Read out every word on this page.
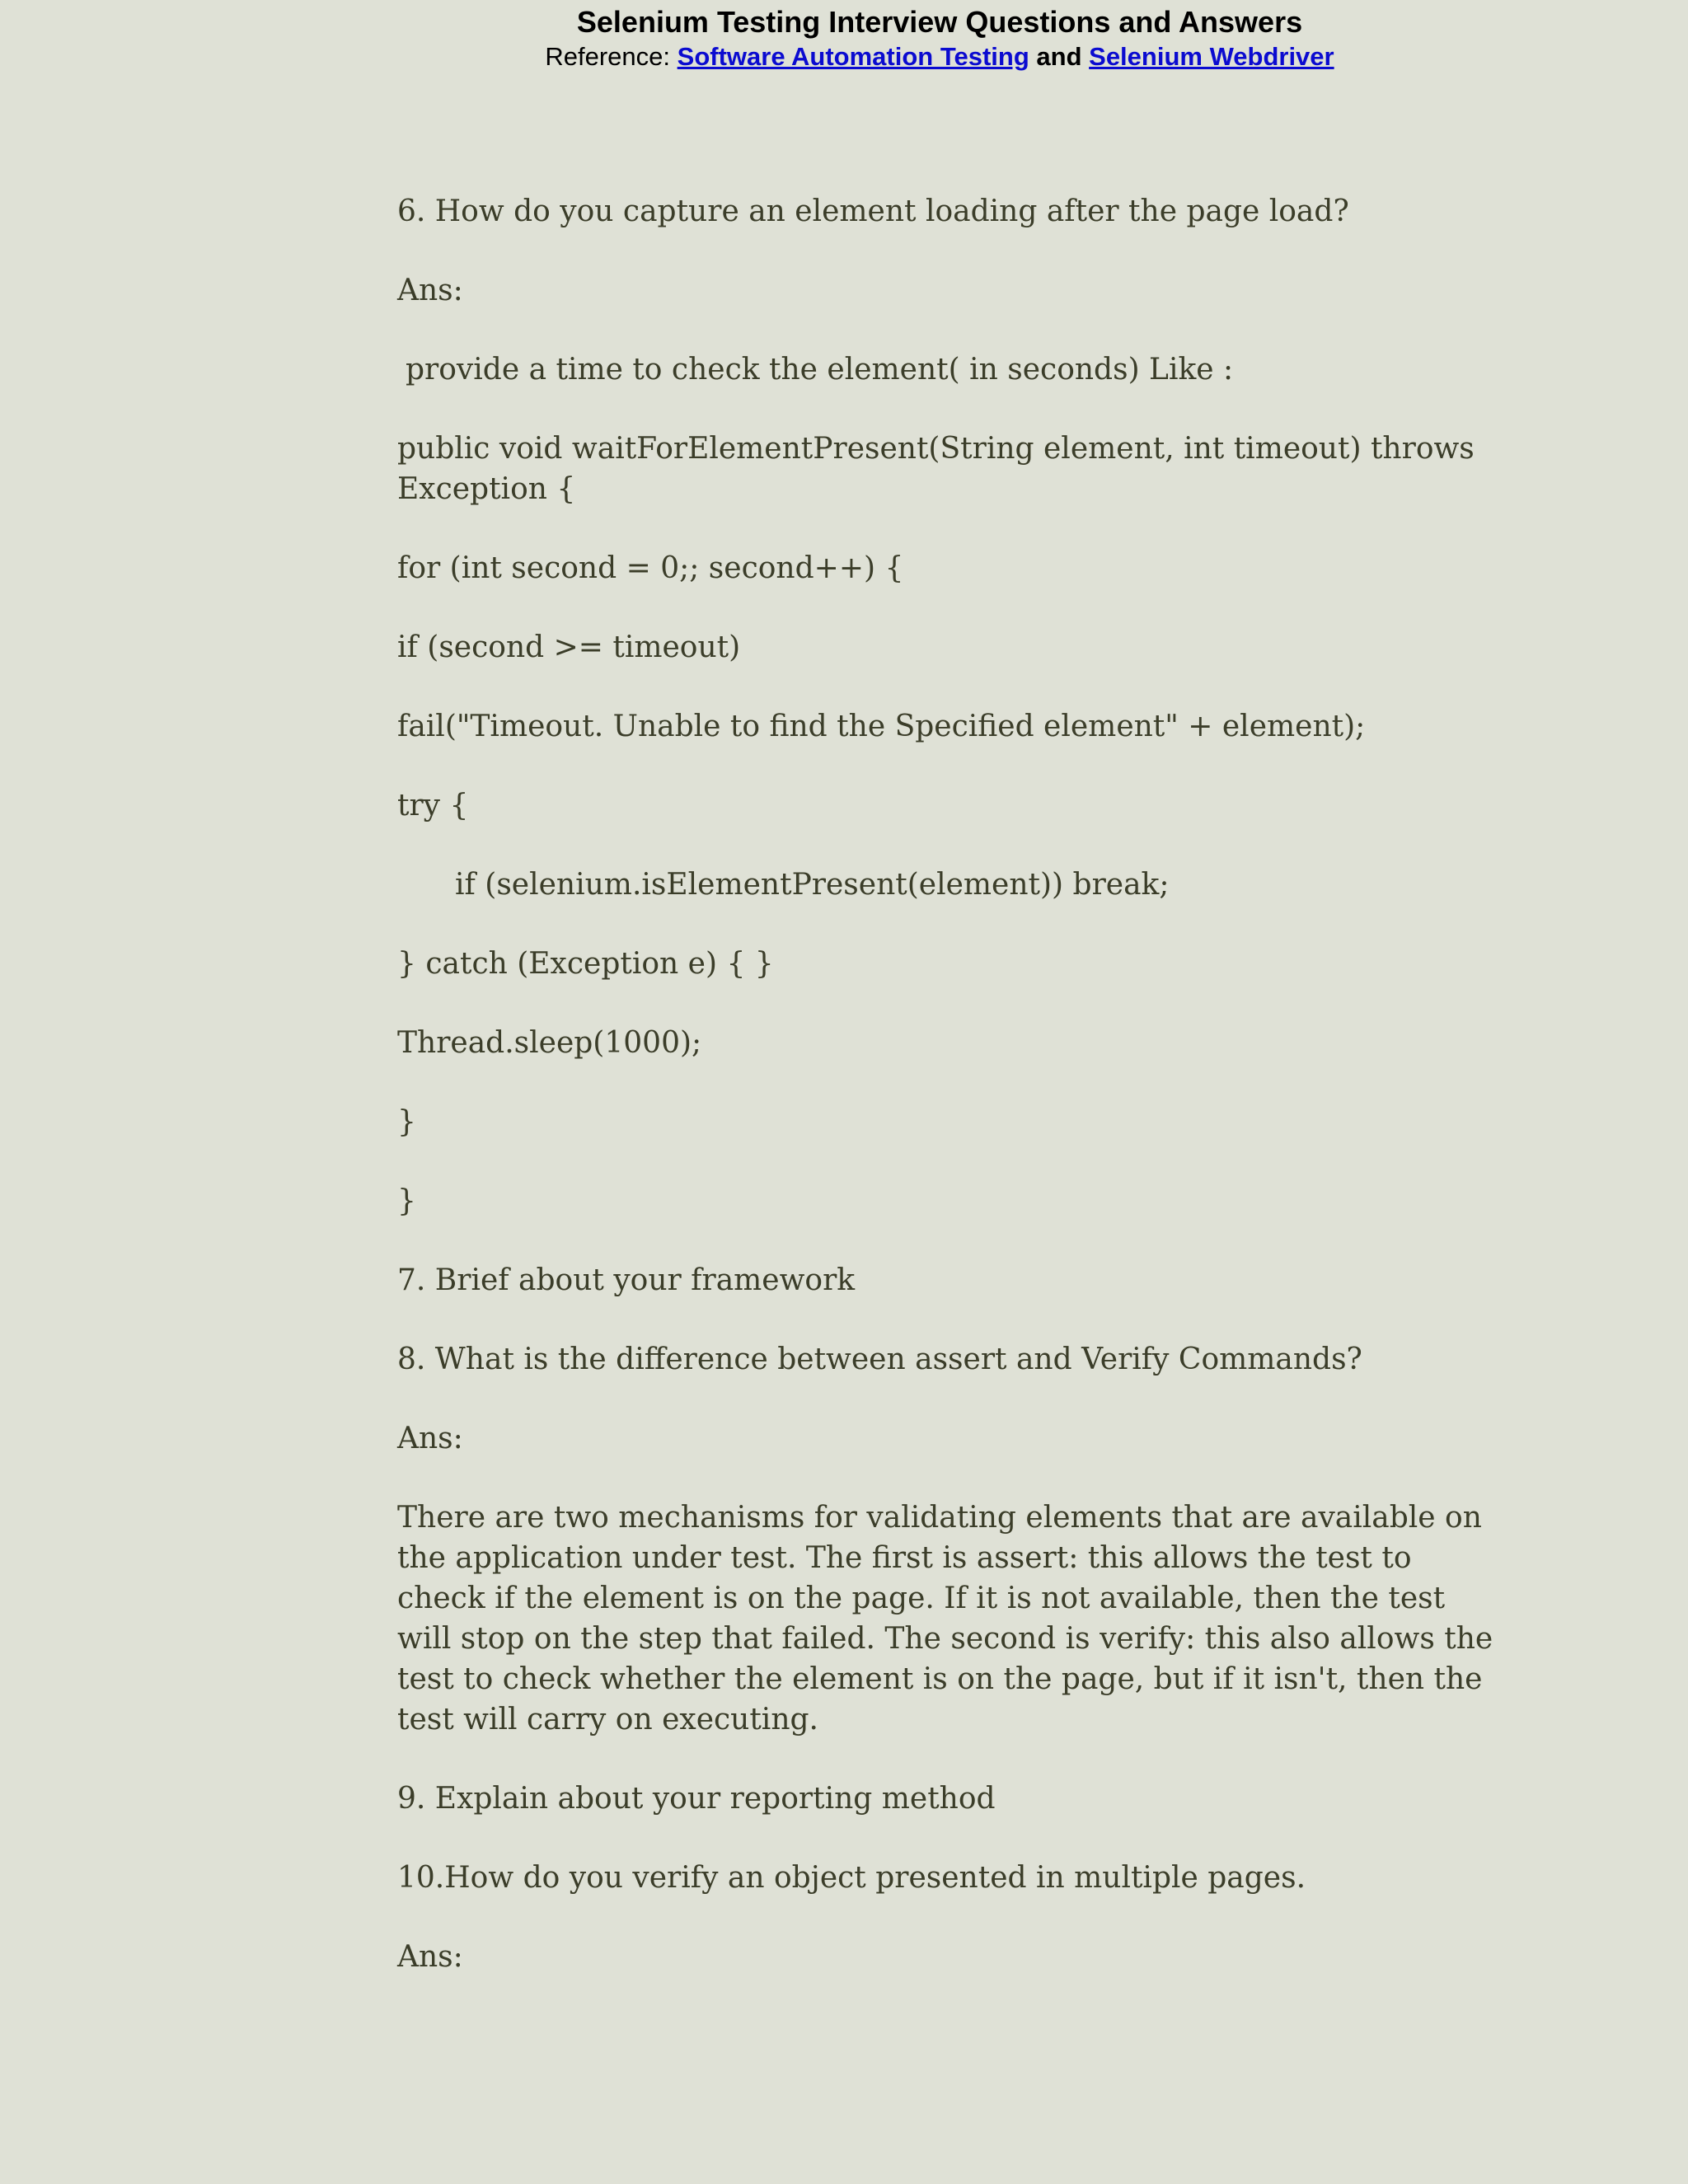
Selenium Testing Interview Questions and Answers
Reference: Software Automation Testing and Selenium Webdriver

6. How do you capture an element loading after the page load?

Ans:

provide a time to check the element( in seconds) Like :

public void waitForElementPresent(String element, int timeout) throws Exception {

for (int second = 0;; second++) {

if (second >= timeout)

fail("Timeout. Unable to find the Specified element" + element);

try {

if (selenium.isElementPresent(element)) break;

} catch (Exception e) { }

Thread.sleep(1000);

}

}

7. Brief about your framework

8. What is the difference between assert and Verify Commands?

Ans:

There are two mechanisms for validating elements that are available on the application under test. The first is assert: this allows the test to check if the element is on the page. If it is not available, then the test will stop on the step that failed. The second is verify: this also allows the test to check whether the element is on the page, but if it isn't, then the test will carry on executing.

9. Explain about your reporting method

10.How do you verify an object presented in multiple pages.

Ans:
